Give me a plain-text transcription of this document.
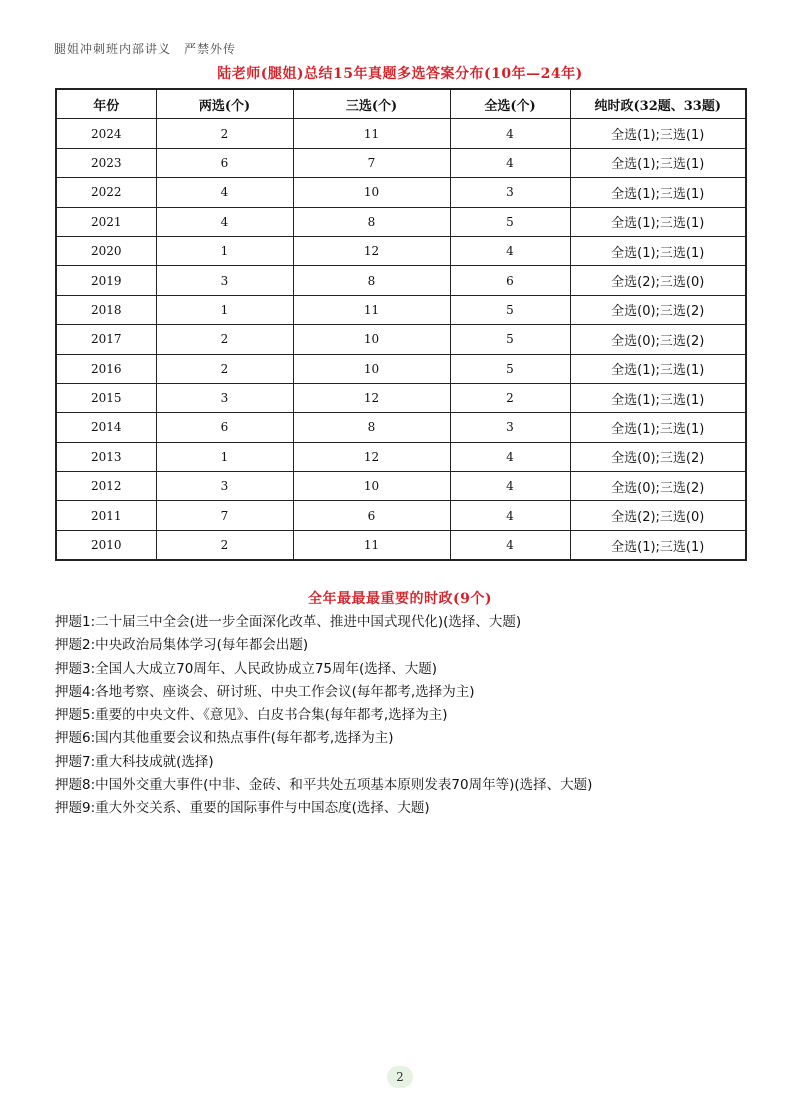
腿姐冲刺班内部讲义　严禁外传
陆老师(腿姐)总结15年真题多选答案分布(10年—24年)
年份	两选(个)	三选(个)	全选(个)	纯时政(32题、33题)
2024	2	11	4	全选(1);三选(1)
2023	6	7	4	全选(1);三选(1)
2022	4	10	3	全选(1);三选(1)
2021	4	8	5	全选(1);三选(1)
2020	1	12	4	全选(1);三选(1)
2019	3	8	6	全选(2);三选(0)
2018	1	11	5	全选(0);三选(2)
2017	2	10	5	全选(0);三选(2)
2016	2	10	5	全选(1);三选(1)
2015	3	12	2	全选(1);三选(1)
2014	6	8	3	全选(1);三选(1)
2013	1	12	4	全选(0);三选(2)
2012	3	10	4	全选(0);三选(2)
2011	7	6	4	全选(2);三选(0)
2010	2	11	4	全选(1);三选(1)
全年最最最重要的时政(9个)
押题1:二十届三中全会(进一步全面深化改革、推进中国式现代化)(选择、大题)
押题2:中央政治局集体学习(每年都会出题)
押题3:全国人大成立70周年、人民政协成立75周年(选择、大题)
押题4:各地考察、座谈会、研讨班、中央工作会议(每年都考,选择为主)
押题5:重要的中央文件、《意见》、白皮书合集(每年都考,选择为主)
押题6:国内其他重要会议和热点事件(每年都考,选择为主)
押题7:重大科技成就(选择)
押题8:中国外交重大事件(中非、金砖、和平共处五项基本原则发表70周年等)(选择、大题)
押题9:重大外交关系、重要的国际事件与中国态度(选择、大题)
2
